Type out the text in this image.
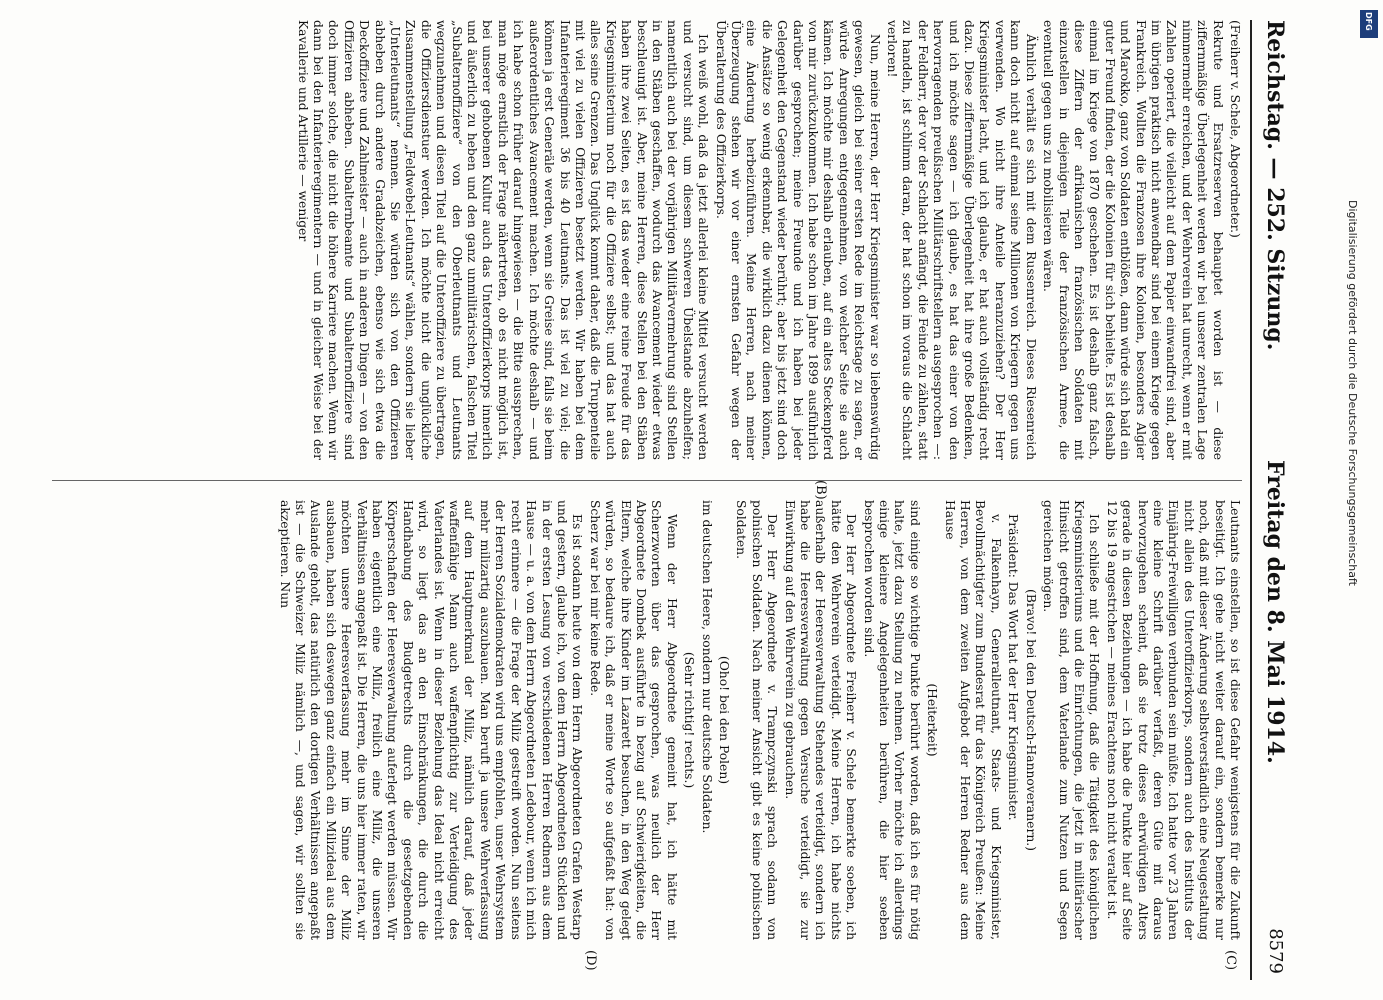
Reichstag. — 252. Sitzung.
Freitag den 8. Mai 1914.
8579

(Freiherr v. Schele, Abgeordneter.)

Rekrute und Ersatzreserven behauptet worden ist — diese ziffernmäßige Überlegenheit werden wir bei unserer zentralen Lage nimmermehr erreichen, und der Wehrverein hat unrecht, wenn er mit Zahlen operiert, die vielleicht auf dem Papier einwandfrei sind, aber im übrigen praktisch nicht anwendbar sind bei einem Kriege gegen Frankreich. Wollten die Franzosen ihre Kolonien, besonders Algier und Marokko, ganz von Soldaten entblößen, dann würde sich bald ein guter Freund finden, der die Kolonien für sich behielte. Es ist deshalb einmal im Kriege von 1870 geschehen. Es ist deshalb ganz falsch, diese Ziffern der afrikanischen französischen Soldaten mit einzustellen in diejenigen Teile der französischen Armee, die eventuell gegen uns zu mobilisieren wären.

Ähnlich verhält es sich mit dem Russenreich. Dieses Riesenreich kann doch nicht auf einmal seine Millionen von Kriegern gegen uns verwenden. Wo nicht ihre Anteile heranzuziehen? Der Herr Kriegsminister lacht, und ich glaube, er hat auch vollständig recht dazu. Diese ziffernmäßige Überlegenheit hat ihre große Bedenken, und ich möchte sagen — ich glaube, es hat das einer von den hervorragenden preußischen Militärschriftstellern ausgesprochen —: der Feldherr, der vor der Schlacht anfängt, die Feinde zu zählen, statt zu handeln, ist schlimm daran, der hat schon im voraus die Schlacht verloren!

Nun, meine Herren, der Herr Kriegsminister war so liebenswürdig gewesen, gleich bei seiner ersten Rede im Reichstage zu sagen, er würde Anregungen entgegennehmen, von welcher Seite sie auch kämen. Ich möchte mir deshalb erlauben, auf ein altes Steckenpferd von mir zurückzukommen. Ich habe schon im Jahre 1899 ausführlich darüber gesprochen; meine Freunde und ich haben bei jeder Gelegenheit den Gegenstand wieder berührt; aber bis jetzt sind doch die Ansätze so wenig erkennbar, die wirklich dazu dienen können, eine Änderung herbeizuführen. Meine Herren, nach meiner Überzeugung stehen wir vor einer ernsten Gefahr wegen der Überalterung des Offizierkorps.

Ich weiß wohl, daß da jetzt allerlei kleine Mittel versucht werden und versucht sind, um diesem schweren Übelstande abzuhelfen; namentlich auch bei der vorjährigen Militärvermehrung sind Stellen in den Stäben geschaffen, wodurch das Avancement wieder etwas beschleunigt ist. Aber, meine Herren, diese Stellen bei den Stäben haben ihre zwei Seiten, es ist das weder eine reine Freude für das Kriegsministerium noch für die Offiziere selbst; und das hat auch alles seine Grenzen. Das Unglück kommt daher, daß die Truppenteile mit viel zu vielen Offizieren besetzt werden. Wir haben bei dem Infanterieregiment 36 bis 40 Leutnants. Das ist viel zu viel; die können ja erst Generäle werden, wenn sie Greise sind, falls sie beim außerordentliches Avancement machen. Ich möchte deshalb — und ich habe schon früher darauf hingewiesen — die Bitte aussprechen, man möge ernstlich der Frage nähertreten, ob es nicht möglich ist, bei unserer gehobenen Kultur auch das Unteroffizierkorps innerlich und äußerlich zu heben und den ganz unmilitärischen, falschen Titel „Subalternoffiziere“ von den Oberleutnants und Leutnants wegzunehmen und diesen Titel auf die Unteroffiziere zu übertragen, die Offiziersdienstuer werden. Ich möchte nicht die unglückliche Zusammenstellung „Feldwebel-Leutnants“ wählen, sondern sie lieber „Unterleutnants“ nennen. Sie würden sich von den Offizieren abheben durch andere Gradabzeichen, ebenso wie sich etwa die Deckoffiziere und Zahlmeister — auch in anderen Dingen — von den Offizieren abheben. Subalternbeamte und Subalternoffiziere sind doch immer solche, die nicht die höhere Karriere machen. Wenn wir dann bei den Infanterieregimentern — und in gleicher Weise bei der Kavallerie und Artillerie — weniger

Leutnants einstellen, so ist diese Gefahr wenigstens für die Zukunft beseitigt. Ich gehe nicht weiter darauf ein, sondern bemerke nur noch, daß mit dieser Änderung selbstverständlich eine Neugestaltung nicht allein des Unteroffizierkorps, sondern auch des Instituts der Einjährig-Freiwilligen verbunden sein müßte. Ich hatte vor 23 Jahren eine kleine Schrift darüber verfaßt, deren Güte mit daraus hervorzugehen scheint, daß sie trotz dieses ehrwürdigen Alters gerade in diesen Beziehungen — ich habe die Punkte hier auf Seite 12 bis 19 angestrichen — meines Erachtens noch nicht veraltet ist.

Ich schließe mit der Hoffnung, daß die Tätigkeit des königlichen Kriegsministeriums und die Einrichtungen, die jetzt in militärischer Hinsicht getroffen sind, dem Vaterlande zum Nutzen und Segen gereichen mögen.

(Bravo! bei den Deutsch-Hannoveranern.)

Präsident: Das Wort hat der Herr Kriegsminister.

v. Falkenhayn, Generalleutnant, Staats- und Kriegsminister, Bevollmächtigter zum Bundesrat für das Königreich Preußen: Meine Herren, von dem zweiten Aufgebot der Herren Redner aus dem Hause

(Heiterkeit)

sind einige so wichtige Punkte berührt worden, daß ich es für nötig halte, jetzt dazu Stellung zu nehmen. Vorher möchte ich allerdings einige kleinere Angelegenheiten berühren, die hier soeben besprochen worden sind.

Der Herr Abgeordnete Freiherr v. Schele bemerkte soeben, ich hätte den Wehrverein verteidigt. Meine Herren, ich habe nichts außerhalb der Heeresverwaltung Stehendes verteidigt, sondern ich habe die Heeresverwaltung gegen Versuche verteidigt, sie zur Einwirkung auf den Wehrverein zu gebrauchen.

Der Herr Abgeordnete v. Trampczynski sprach sodann von polnischen Soldaten. Nach meiner Ansicht gibt es keine polnischen Soldaten.

(Oho! bei den Polen)

im deutschen Heere, sondern nur deutsche Soldaten.

(Sehr richtig! rechts.)

Wenn der Herr Abgeordnete gemeint hat, ich hätte mit Scherzworten über das gesprochen, was neulich der Herr Abgeordnete Dombek ausführte in bezug auf Schwierigkeiten, die Eltern, welche ihre Kinder im Lazarett besuchen, in den Weg gelegt würden, so bedaure ich, daß er meine Worte so aufgefaßt hat: von Scherz war bei mir keine Rede.

Es ist sodann heute von dem Herrn Abgeordneten Grafen Westarp und gestern, glaube ich, von dem Herrn Abgeordneten Stücklen und in der ersten Lesung von verschiedenen Herren Rednern aus dem Hause — u. a. von dem Herrn Abgeordneten Ledebour, wenn ich mich recht erinnere — die Frage der Miliz gestreift worden. Nun seitens der Herren Sozialdemokraten wird uns empfohlen, unser Wehrsystem mehr milizartig auszubauen. Man beruft ja unsere Wehrverfassung auf dem Hauptmerkmal der Miliz, nämlich darauf, daß jeder waffenfähige Mann auch waffenpflichtig zur Verteidigung des Vaterlandes ist. Wenn in dieser Beziehung das Ideal nicht erreicht wird, so liegt das an den Einschränkungen, die durch die Handhabung des Budgetrechts durch die gesetzgebenden Körperschaften der Heeresverwaltung auferlegt werden müssen. Wir haben eigentlich eine Miliz, freilich eine Miliz, die unseren Verhältnissen angepaßt ist. Die Herren, die uns hier immer raten, wir möchten unsere Heeresverfassung mehr im Sinne der Miliz ausbauen, haben sich deswegen ganz einfach ein Milizideal aus dem Auslande geholt, das natürlich den dortigen Verhältnissen angepaßt ist — die Schweizer Miliz nämlich —, und sagen, wir sollten sie akzeptieren. Nun

(B)
(C)
(D)
DFG
Digitalisierung gefördert durch die Deutsche Forschungsgemeinschaft
